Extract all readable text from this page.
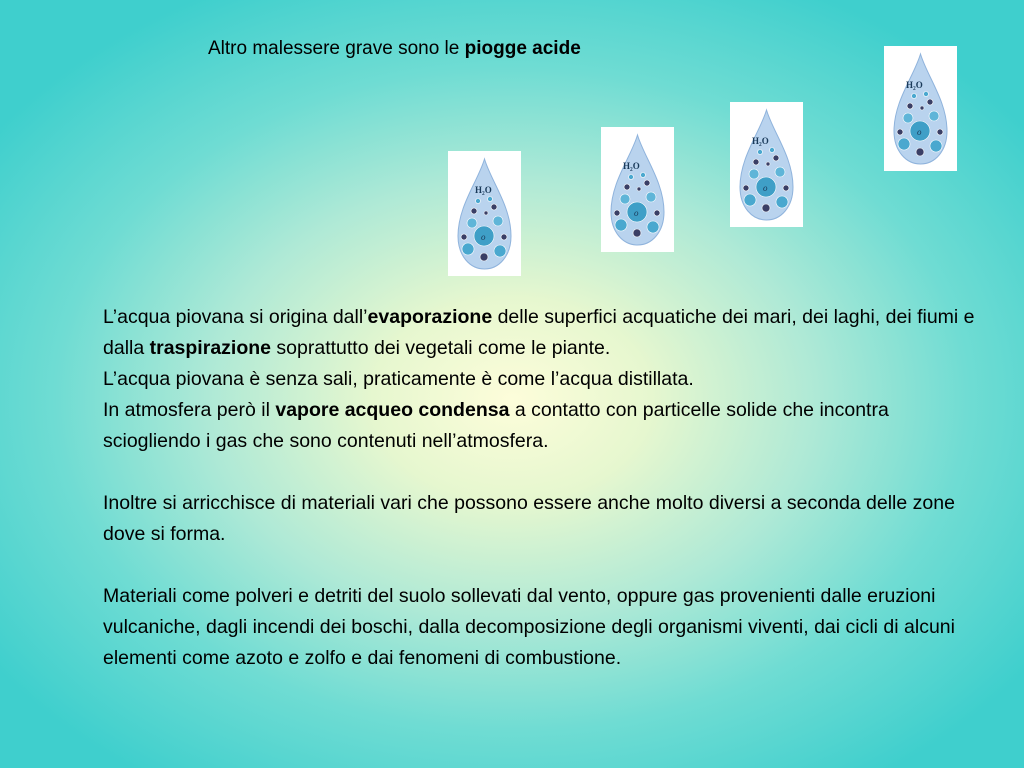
Altro malessere grave sono le piogge acide

H₂O
o
H₂O
o
H₂O
o
H₂O
o

L’acqua piovana si origina dall’evaporazione delle superfici acquatiche dei mari, dei laghi, dei fiumi e dalla traspirazione soprattutto dei vegetali come le piante.

L’acqua piovana è senza sali, praticamente è come l’acqua distillata.

In atmosfera però il vapore acqueo condensa a contatto con particelle solide che incontra sciogliendo i gas che sono contenuti nell’atmosfera.

Inoltre si arricchisce di materiali vari che possono essere anche molto diversi a seconda delle zone dove si forma.

Materiali come polveri e detriti del suolo sollevati dal vento, oppure gas provenienti dalle eruzioni vulcaniche, dagli incendi dei boschi, dalla decomposizione degli organismi viventi, dai cicli di alcuni elementi come azoto e zolfo e dai fenomeni di combustione.
